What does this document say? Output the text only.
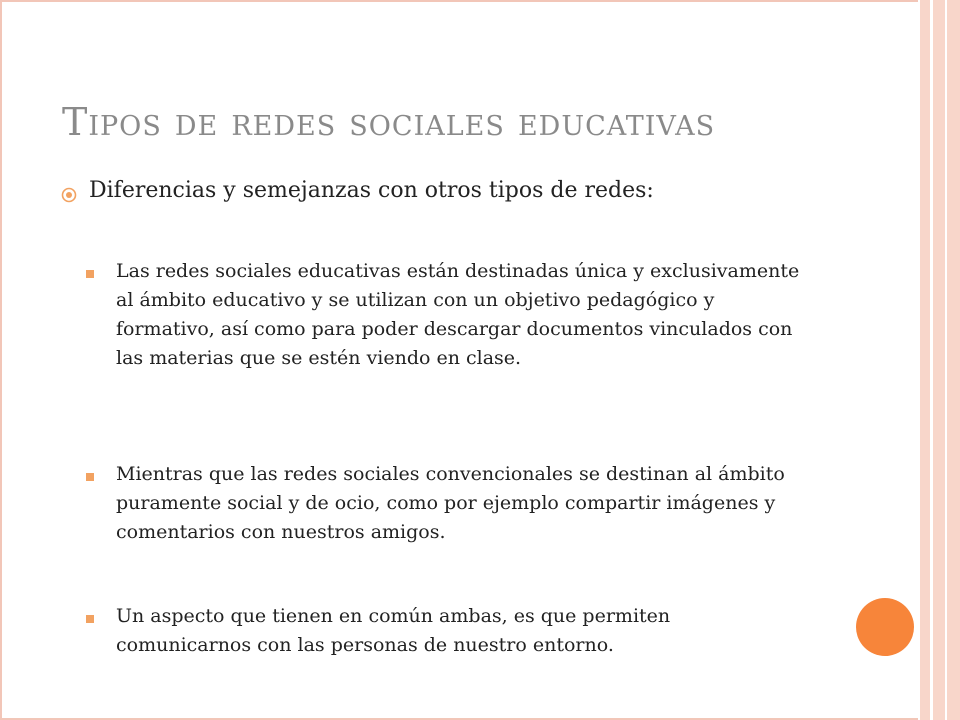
Tipos de redes sociales educativas

Diferencias y semejanzas con otros tipos de redes:

Las redes sociales educativas están destinadas única y exclusivamente al ámbito educativo y se utilizan con un objetivo pedagógico y formativo, así como para poder descargar documentos vinculados con las materias que se estén viendo en clase.

Mientras que las redes sociales convencionales se destinan al ámbito puramente social y de ocio, como por ejemplo compartir imágenes y comentarios con nuestros amigos.

Un aspecto que tienen en común ambas, es que permiten comunicarnos con las personas de nuestro entorno.
